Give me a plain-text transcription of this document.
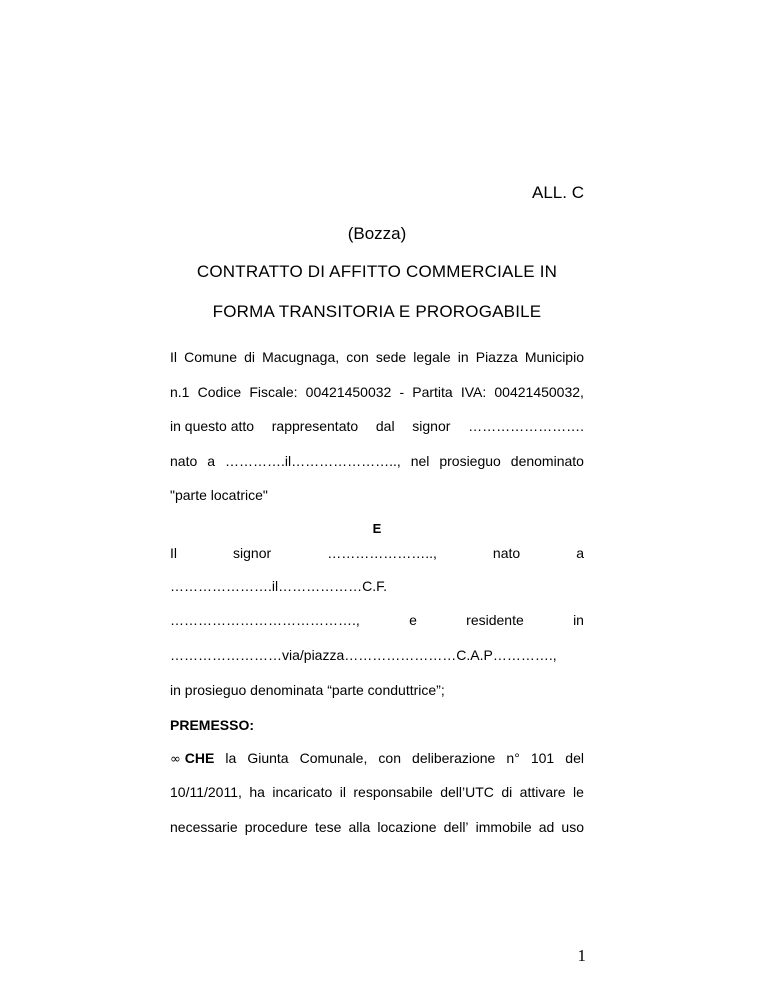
ALL. C
(Bozza)
CONTRATTO DI AFFITTO COMMERCIALE IN
FORMA TRANSITORIA E PROROGABILE
Il Comune di Macugnaga, con sede legale in Piazza Municipio
n.1 Codice Fiscale: 00421450032 - Partita IVA: 00421450032,
in questo atto rappresentato dal signor …………………….
nato a ………….il………………….., nel prosieguo denominato
"parte locatrice"
E
Il	signor	…………………..,	nato	a
………………….il………………C.F.
………………………………….,	e	residente	in
……………………via/piazza……………………C.A.P………….,
in prosieguo denominata “parte conduttrice”;
PREMESSO:
∞ CHE la Giunta Comunale, con deliberazione n° 101 del
10/11/2011, ha incaricato il responsabile dell’UTC di attivare le
necessarie procedure tese alla locazione dell’ immobile ad uso
1
